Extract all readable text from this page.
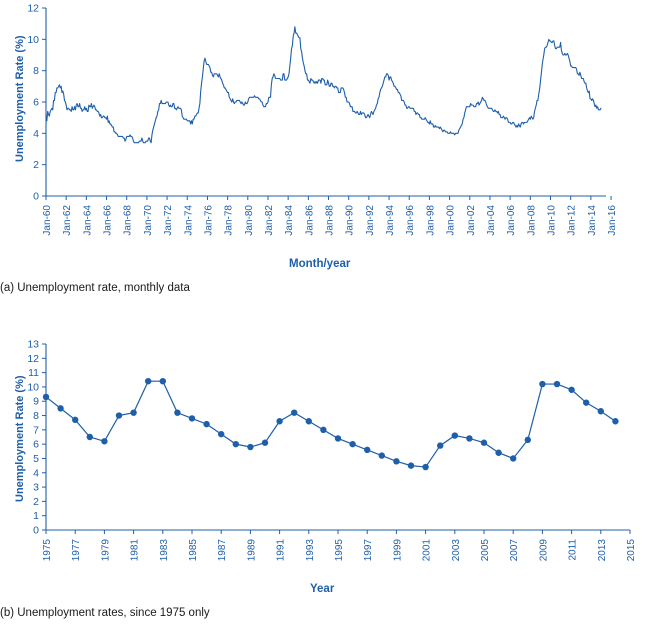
0
2
4
6
8
10
12
Jan-60 Jan-62 Jan-64 Jan-66 Jan-68 Jan-70 Jan-72 Jan-74 Jan-76 Jan-78 Jan-80 Jan-82 Jan-84 Jan-86 Jan-88 Jan-90 Jan-92 Jan-94 Jan-96 Jan-98 Jan-00 Jan-02 Jan-04 Jan-06 Jan-08 Jan-10 Jan-12 Jan-14 Jan-16
Unemployment Rate (%)
Month/year
(a) Unemployment rate, monthly data
0
1
2
3
4
5
6
7
8
9
10
11
12
13
1975 1977 1979 1981 1983 1985 1987 1989 1991 1993 1995 1997 1999 2001 2003 2005 2007 2009 2011 2013 2015
Unemployment Rate (%)
Year
(b) Unemployment rates, since 1975 only
